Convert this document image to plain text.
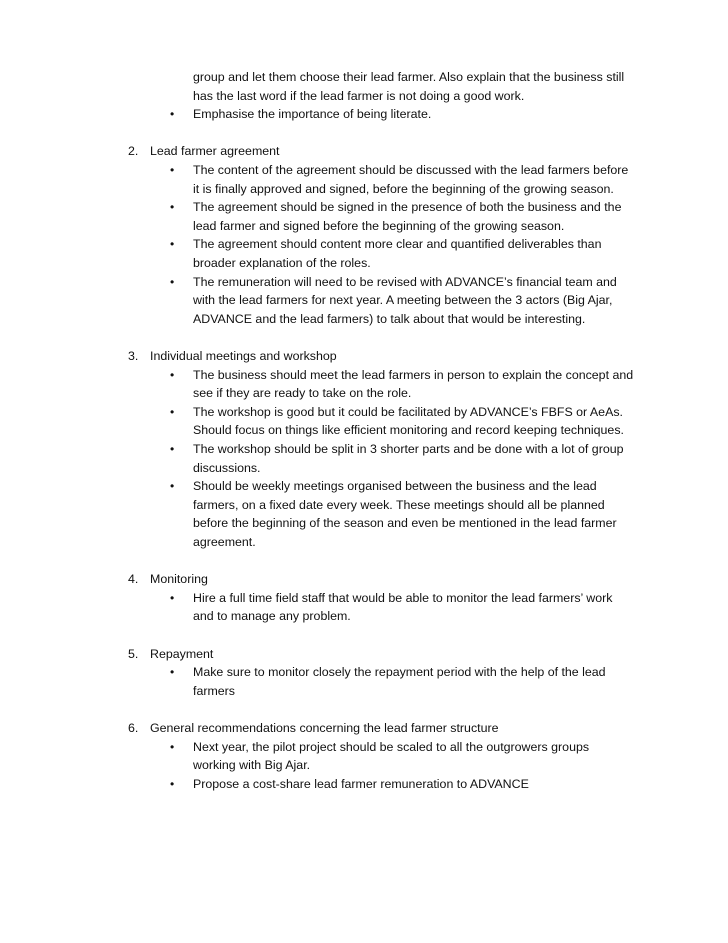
group and let them choose their lead farmer. Also explain that the business still
has the last word if the lead farmer is not doing a good work.
• Emphasise the importance of being literate.
2. Lead farmer agreement
• The content of the agreement should be discussed with the lead farmers before
it is finally approved and signed, before the beginning of the growing season.
• The agreement should be signed in the presence of both the business and the
lead farmer and signed before the beginning of the growing season.
• The agreement should content more clear and quantified deliverables than
broader explanation of the roles.
• The remuneration will need to be revised with ADVANCE’s financial team and
with the lead farmers for next year. A meeting between the 3 actors (Big Ajar,
ADVANCE and the lead farmers) to talk about that would be interesting.
3. Individual meetings and workshop
• The business should meet the lead farmers in person to explain the concept and
see if they are ready to take on the role.
• The workshop is good but it could be facilitated by ADVANCE’s FBFS or AeAs.
Should focus on things like efficient monitoring and record keeping techniques.
• The workshop should be split in 3 shorter parts and be done with a lot of group
discussions.
• Should be weekly meetings organised between the business and the lead
farmers, on a fixed date every week. These meetings should all be planned
before the beginning of the season and even be mentioned in the lead farmer
agreement.
4. Monitoring
• Hire a full time field staff that would be able to monitor the lead farmers’ work
and to manage any problem.
5. Repayment
• Make sure to monitor closely the repayment period with the help of the lead
farmers
6. General recommendations concerning the lead farmer structure
• Next year, the pilot project should be scaled to all the outgrowers groups
working with Big Ajar.
• Propose a cost-share lead farmer remuneration to ADVANCE
